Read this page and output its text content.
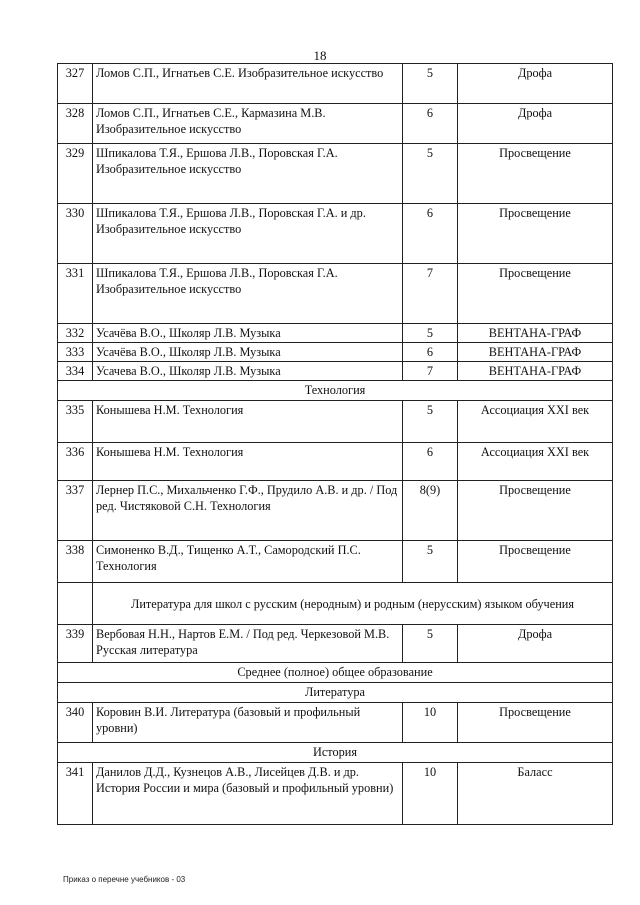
18
327	Ломов С.П., Игнатьев С.Е. Изобразительное искусство	5	Дрофа
328	Ломов С.П., Игнатьев С.Е., Кармазина М.В. Изобразительное искусство	6	Дрофа
329	Шпикалова Т.Я., Ершова Л.В., Поровская Г.А. Изобразительное искусство	5	Просвещение
330	Шпикалова Т.Я., Ершова Л.В., Поровская Г.А. и др. Изобразительное искусство	6	Просвещение
331	Шпикалова Т.Я., Ершова Л.В., Поровская Г.А. Изобразительное искусство	7	Просвещение
332	Усачёва В.О., Школяр Л.В. Музыка	5	ВЕНТАНА-ГРАФ
333	Усачёва В.О., Школяр Л.В. Музыка	6	ВЕНТАНА-ГРАФ
334	Усачева В.О., Школяр Л.В. Музыка	7	ВЕНТАНА-ГРАФ
Технология			
335	Конышева Н.М. Технология	5	Ассоциация XXI век
336	Конышева Н.М. Технология	6	Ассоциация XXI век
337	Лернер П.С., Михальченко Г.Ф., Прудило А.В. и др. / Под ред. Чистяковой С.Н. Технология	8(9)	Просвещение
338	Симоненко В.Д., Тищенко А.Т., Самородский П.С. Технология	5	Просвещение
	Литература для школ с русским (неродным) и родным (нерусским) языком обучения		
339	Вербовая Н.Н., Нартов Е.М. / Под ред. Черкезовой М.В. Русская литература	5	Дрофа
Среднее (полное) общее образование			
Литература			
340	Коровин В.И. Литература (базовый и профильный уровни)	10	Просвещение
История			
341	Данилов Д.Д., Кузнецов А.В., Лисейцев Д.В. и др. История России и мира (базовый и профильный уровни)	10	Баласс
Приказ о перечне учебников - 03
